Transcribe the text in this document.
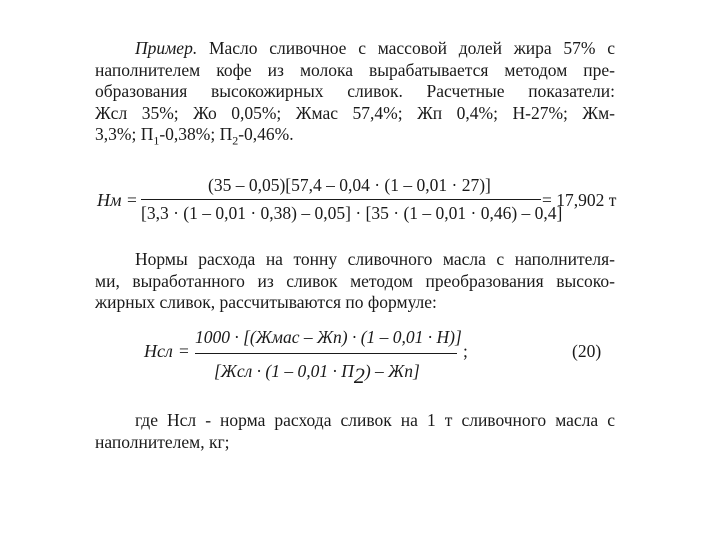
Пример. Масло сливочное с массовой долей жира 57% с
наполнителем кофе из молока вырабатывается методом пре-
образования высокожирных сливок. Расчетные показатели:
Жсл 35%; Жо 0,05%; Жмас 57,4%; Жп 0,4%; Н-27%; Жм-
3,3%; $П_1-0,38\%$; $П_2-0,46\%$.
Нм =
(35 – 0,05)[57,4 – 0,04 · (1 – 0,01 · 27)]
[3,3 · (1 – 0,01 · 0,38) – 0,05] · [35 · (1 – 0,01 · 0,46) – 0,4]
= 17,902 т
Нормы расхода на тонну сливочного масла с наполнителя-
ми, выработанного из сливок методом преобразования высоко-
жирных сливок, рассчитываются по формуле:
Нсл =
1000 · [(Жмас – Жп) · (1 – 0,01 · Н)]
[Жсл · (1 – 0,01 · П2) – Жп]
;	(20)
где Нсл - норма расхода сливок на 1 т сливочного масла с
наполнителем, кг;
